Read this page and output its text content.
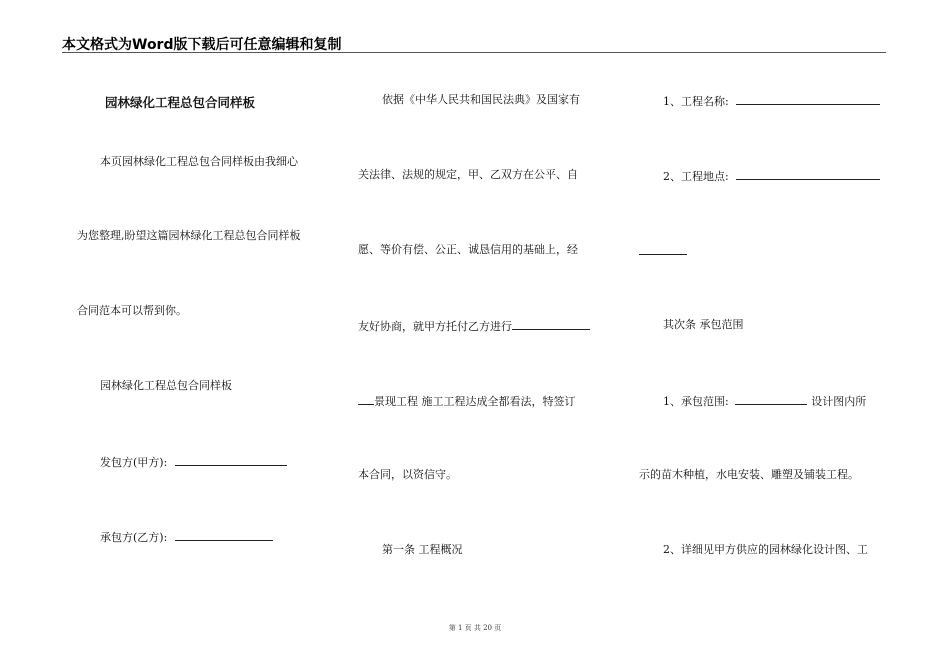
本文格式为Word版下载后可任意编辑和复制
园林绿化工程总包合同样板
本页园林绿化工程总包合同样板由我细心
为您整理,盼望这篇园林绿化工程总包合同样板
合同范本可以帮到你。
园林绿化工程总包合同样板
发包方(甲方):
承包方(乙方):
依据《中华人民共和国民法典》及国家有
关法律、法规的规定，甲、乙双方在公平、自
愿、等价有偿、公正、诚恳信用的基础上，经
友好协商，就甲方托付乙方进行
景现工程 施工工程达成全都看法，特签订
本合同，以资信守。
第一条 工程概况
1、工程名称:
2、工程地点:
其次条 承包范围
1、承包范围:	设计图内所
示的苗木种植，水电安装、雕塑及铺装工程。
2、详细见甲方供应的园林绿化设计图、工
第 1 页 共 20 页
